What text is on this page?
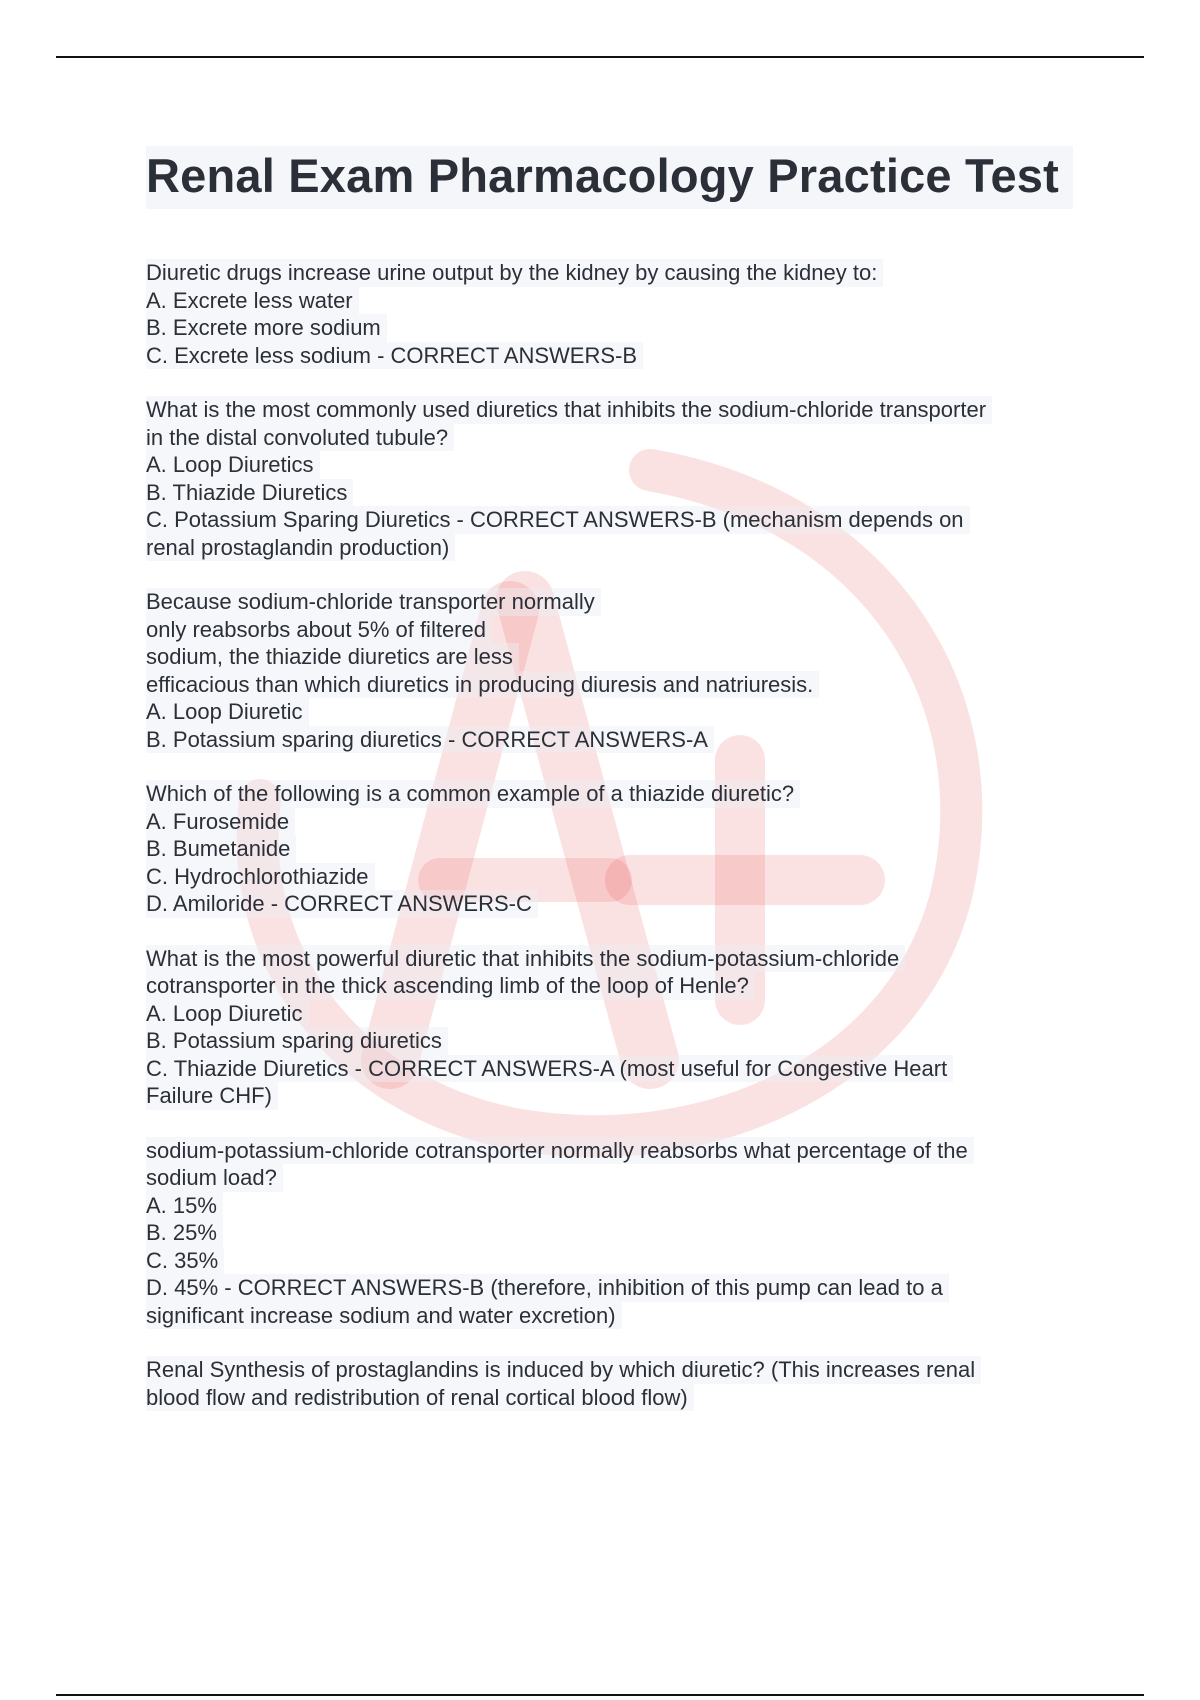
Renal Exam Pharmacology Practice Test
Diuretic drugs increase urine output by the kidney by causing the kidney to:
A. Excrete less water
B. Excrete more sodium
C. Excrete less sodium - CORRECT ANSWERS-B
What is the most commonly used diuretics that inhibits the sodium-chloride transporter
in the distal convoluted tubule?
A. Loop Diuretics
B. Thiazide Diuretics
C. Potassium Sparing Diuretics - CORRECT ANSWERS-B (mechanism depends on
renal prostaglandin production)
Because sodium-chloride transporter normally
only reabsorbs about 5% of filtered
sodium, the thiazide diuretics are less
efficacious than which diuretics in producing diuresis and natriuresis.
A. Loop Diuretic
B. Potassium sparing diuretics - CORRECT ANSWERS-A
Which of the following is a common example of a thiazide diuretic?
A. Furosemide
B. Bumetanide
C. Hydrochlorothiazide
D. Amiloride - CORRECT ANSWERS-C
What is the most powerful diuretic that inhibits the sodium-potassium-chloride
cotransporter in the thick ascending limb of the loop of Henle?
A. Loop Diuretic
B. Potassium sparing diuretics
C. Thiazide Diuretics - CORRECT ANSWERS-A (most useful for Congestive Heart
Failure CHF)
sodium-potassium-chloride cotransporter normally reabsorbs what percentage of the
sodium load?
A. 15%
B. 25%
C. 35%
D. 45% - CORRECT ANSWERS-B (therefore, inhibition of this pump can lead to a
significant increase sodium and water excretion)
Renal Synthesis of prostaglandins is induced by which diuretic? (This increases renal
blood flow and redistribution of renal cortical blood flow)
